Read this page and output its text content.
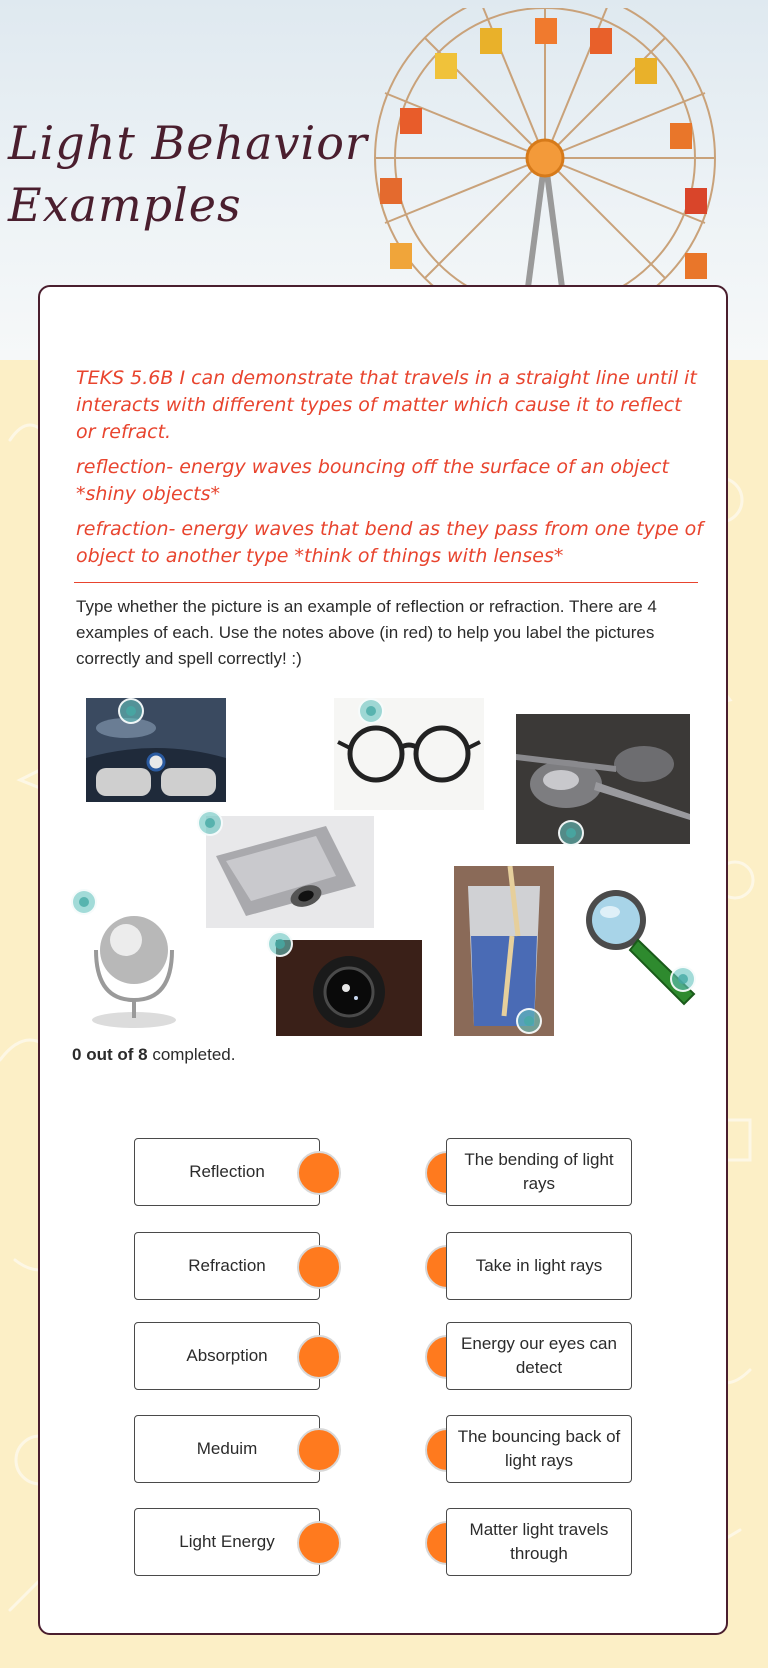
Light Behavior
Examples

TEKS 5.6B I can demonstrate that travels in a straight line until it interacts with different types of matter which cause it to reflect or refract.

reflection- energy waves bouncing off the surface of an object *shiny objects*

refraction- energy waves that bend as they pass from one type of object to another type *think of things with lenses*

Type whether the picture is an example of reflection or refraction. There are 4 examples of each. Use the notes above (in red) to help you label the pictures correctly and spell correctly! :)
0 out of 8 completed.
Reflection
The bending of light rays
Refraction	Take in light rays
Absorption
Energy our eyes can detect
Meduim
The bouncing back of light rays
Light Energy
Matter light travels through
